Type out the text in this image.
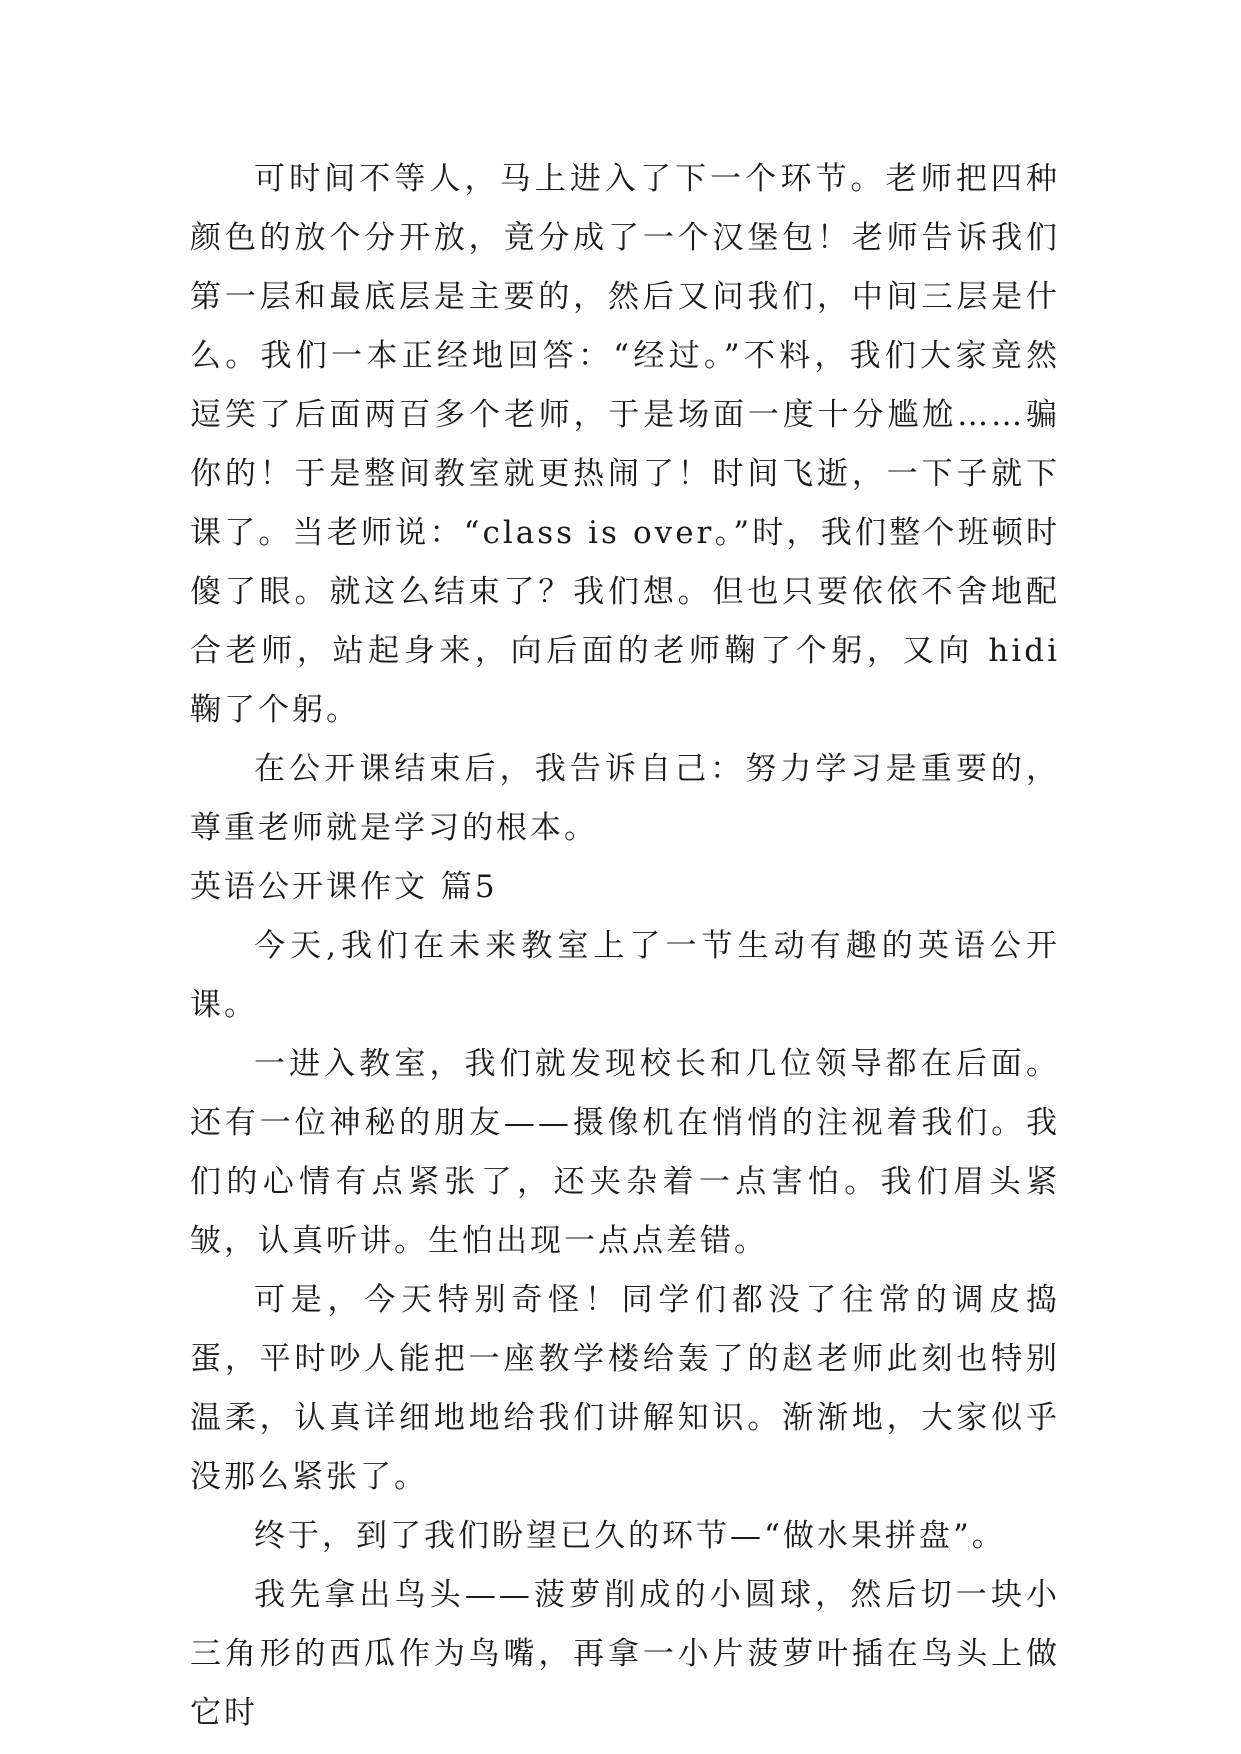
可时间不等人，马上进入了下一个环节。老师把四种颜色的放个分开放，竟分成了一个汉堡包！老师告诉我们第一层和最底层是主要的，然后又问我们，中间三层是什么。我们一本正经地回答：“经过。”不料，我们大家竟然逗笑了后面两百多个老师，于是场面一度十分尴尬……骗你的！于是整间教室就更热闹了！时间飞逝，一下子就下课了。当老师说：“class is over。”时，我们整个班顿时傻了眼。就这么结束了？我们想。但也只要依依不舍地配合老师，站起身来，向后面的老师鞠了个躬，又向 hidi 鞠了个躬。

在公开课结束后，我告诉自己：努力学习是重要的，尊重老师就是学习的根本。

英语公开课作文 篇5

今天,我们在未来教室上了一节生动有趣的英语公开课。

一进入教室，我们就发现校长和几位领导都在后面。还有一位神秘的朋友——摄像机在悄悄的注视着我们。我们的心情有点紧张了，还夹杂着一点害怕。我们眉头紧皱，认真听讲。生怕出现一点点差错。

可是，今天特别奇怪！同学们都没了往常的调皮捣蛋，平时吵人能把一座教学楼给轰了的赵老师此刻也特别温柔，认真详细地地给我们讲解知识。渐渐地，大家似乎没那么紧张了。

终于，到了我们盼望已久的环节—“做水果拼盘”。

我先拿出鸟头——菠萝削成的小圆球，然后切一块小三角形的西瓜作为鸟嘴，再拿一小片菠萝叶插在鸟头上做它时
